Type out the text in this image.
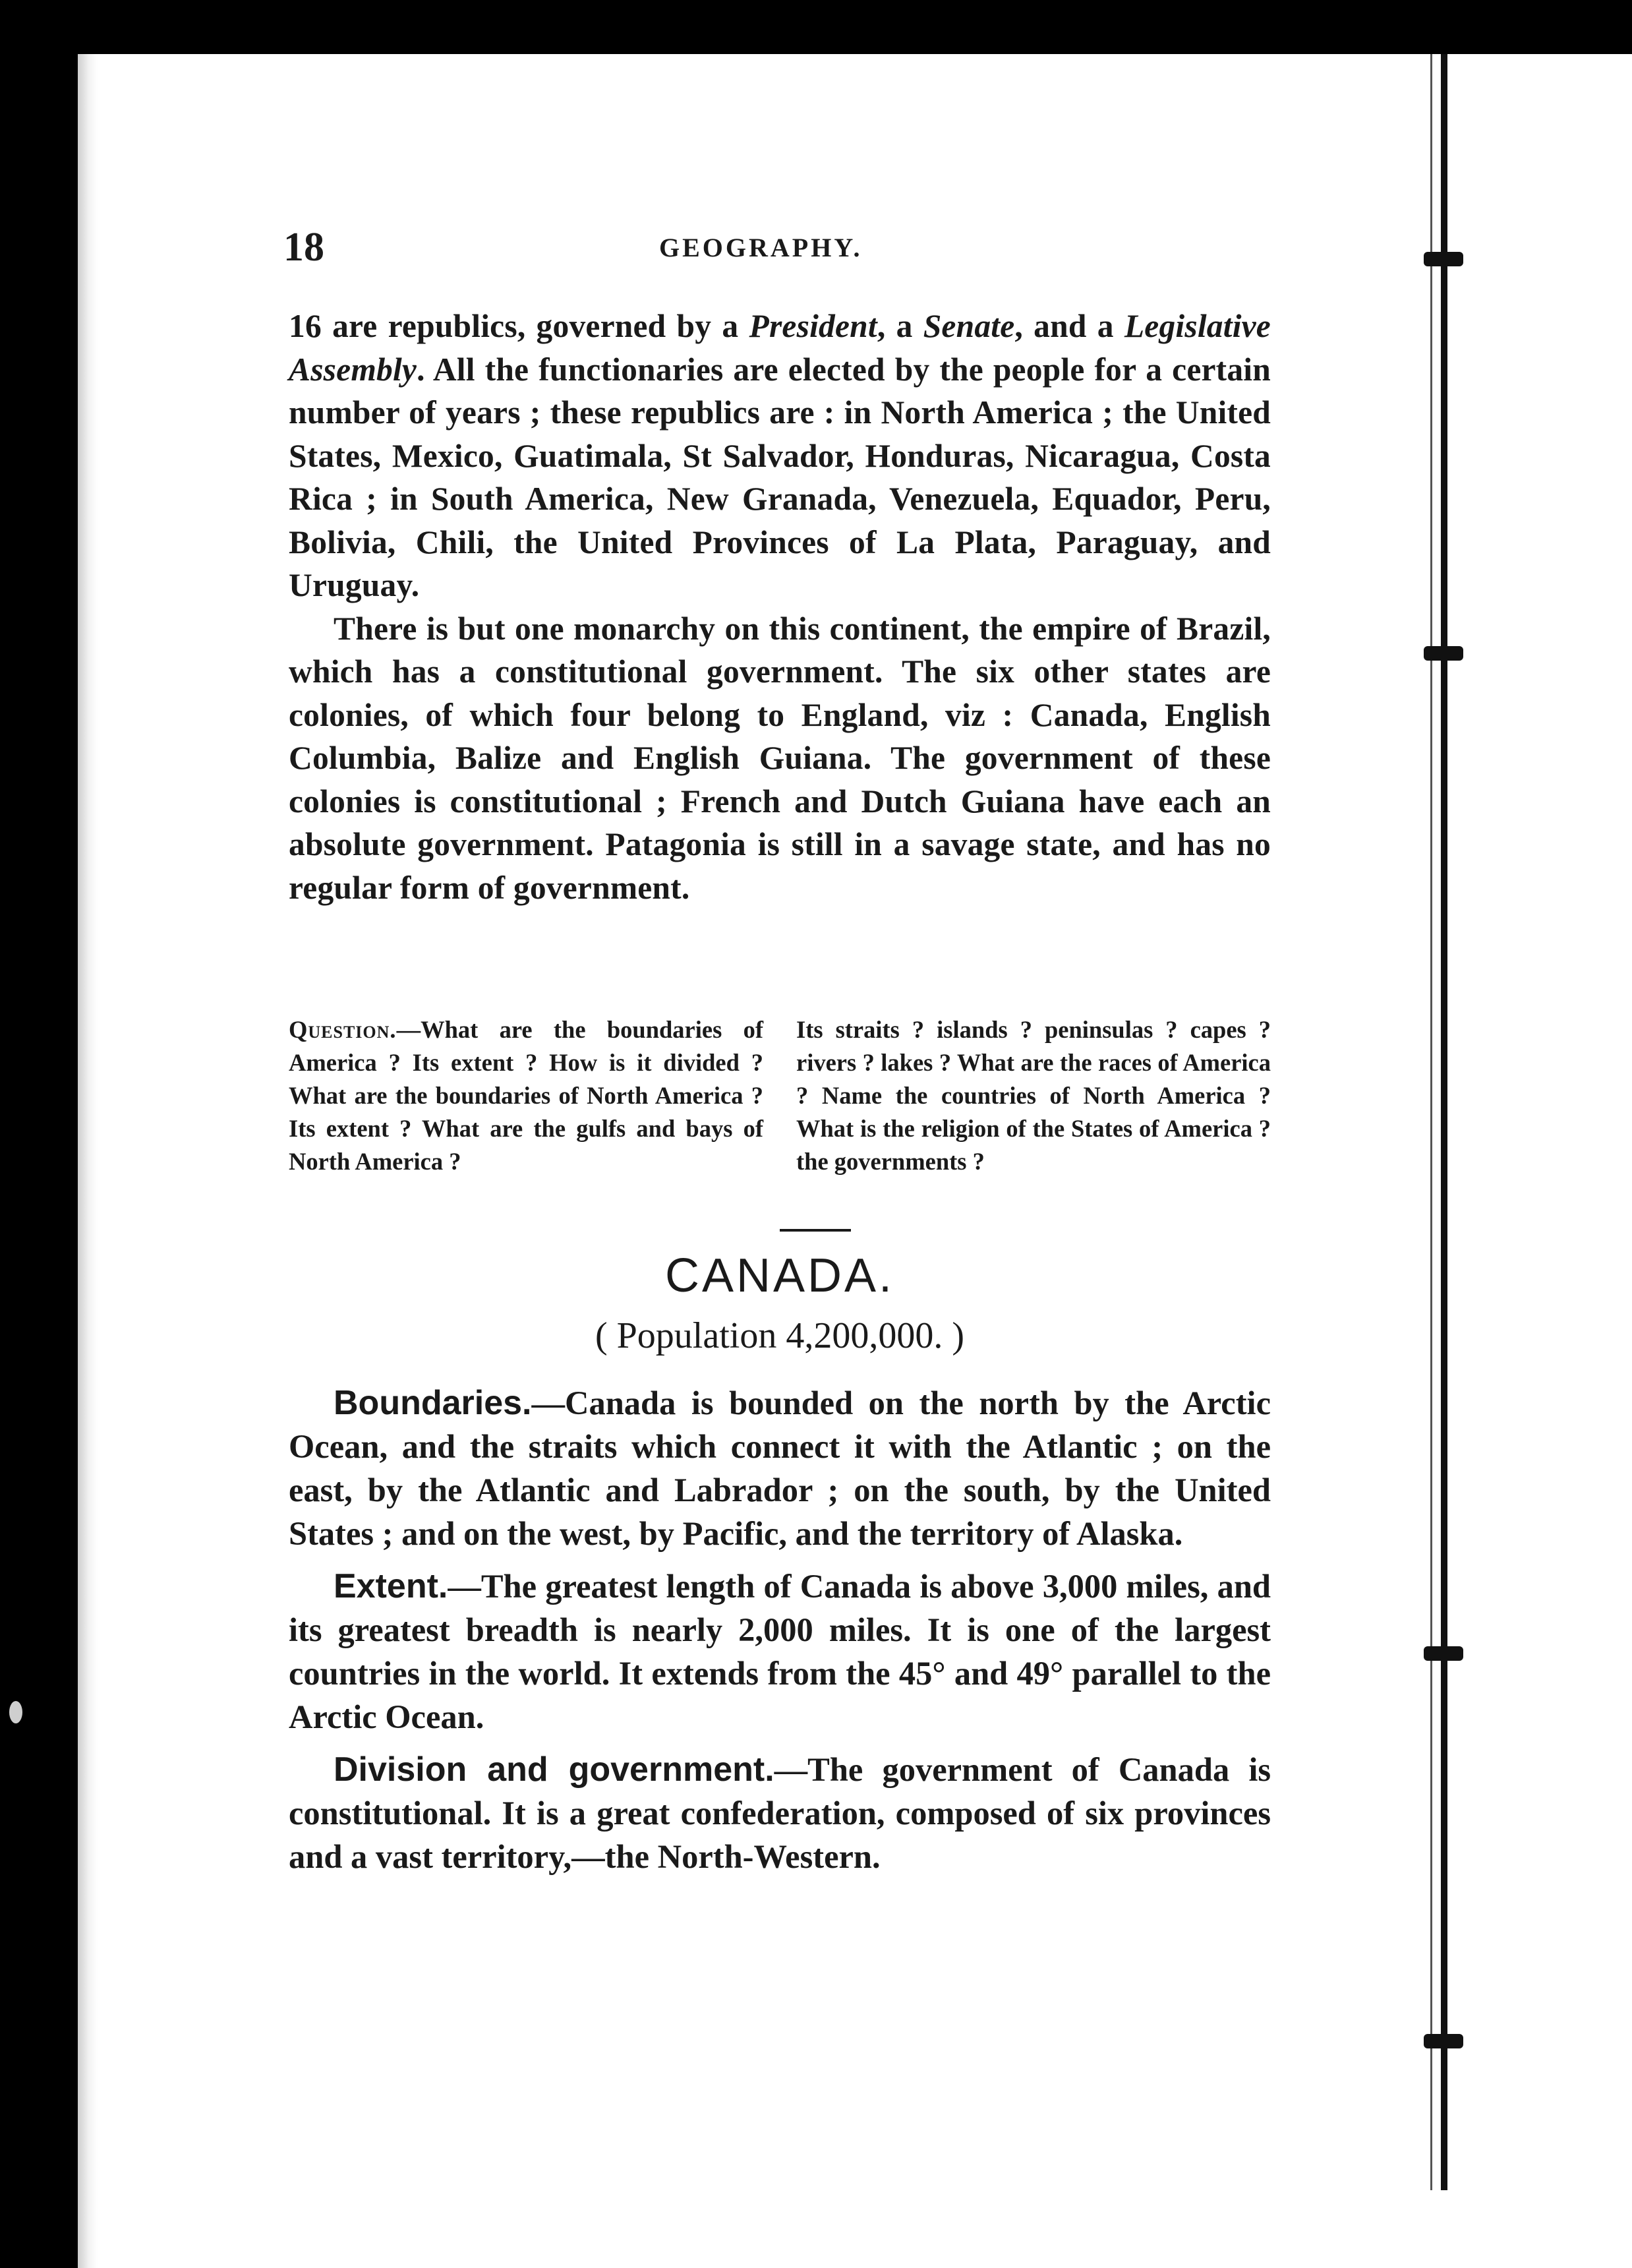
18	GEOGRAPHY.

16 are republics, governed by a President, a Senate, and a Legislative Assembly. All the functionaries are elected by the people for a certain number of years ; these republics are : in North America ; the United States, Mexico, Guatimala, St Salvador, Honduras, Nicaragua, Costa Rica ; in South America, New Granada, Venezuela, Equador, Peru, Bolivia, Chili, the United Provinces of La Plata, Paraguay, and Uruguay.

There is but one monarchy on this continent, the empire of Brazil, which has a constitutional government. The six other states are colonies, of which four belong to England, viz : Canada, English Columbia, Balize and English Guiana. The government of these colonies is constitutional ; French and Dutch Guiana have each an absolute government. Patagonia is still in a savage state, and has no regular form of government.

Question.—What are the boundaries of America ? Its extent ? How is it divided ? What are the boundaries of North America ? Its extent ? What are the gulfs and bays of North America ?
Its straits ? islands ? peninsulas ? capes ? rivers ? lakes ? What are the races of America ? Name the countries of North America ? What is the religion of the States of America ? the governments ?
CANADA.
( Population 4,200,000. )

Boundaries.—Canada is bounded on the north by the Arctic Ocean, and the straits which connect it with the Atlantic ; on the east, by the Atlantic and Labrador ; on the south, by the United States ; and on the west, by Pacific, and the territory of Alaska.

Extent.—The greatest length of Canada is above 3,000 miles, and its greatest breadth is nearly 2,000 miles. It is one of the largest countries in the world. It extends from the 45° and 49° parallel to the Arctic Ocean.

Division and government.—The government of Canada is constitutional. It is a great confederation, composed of six provinces and a vast territory,—the North-Western.
